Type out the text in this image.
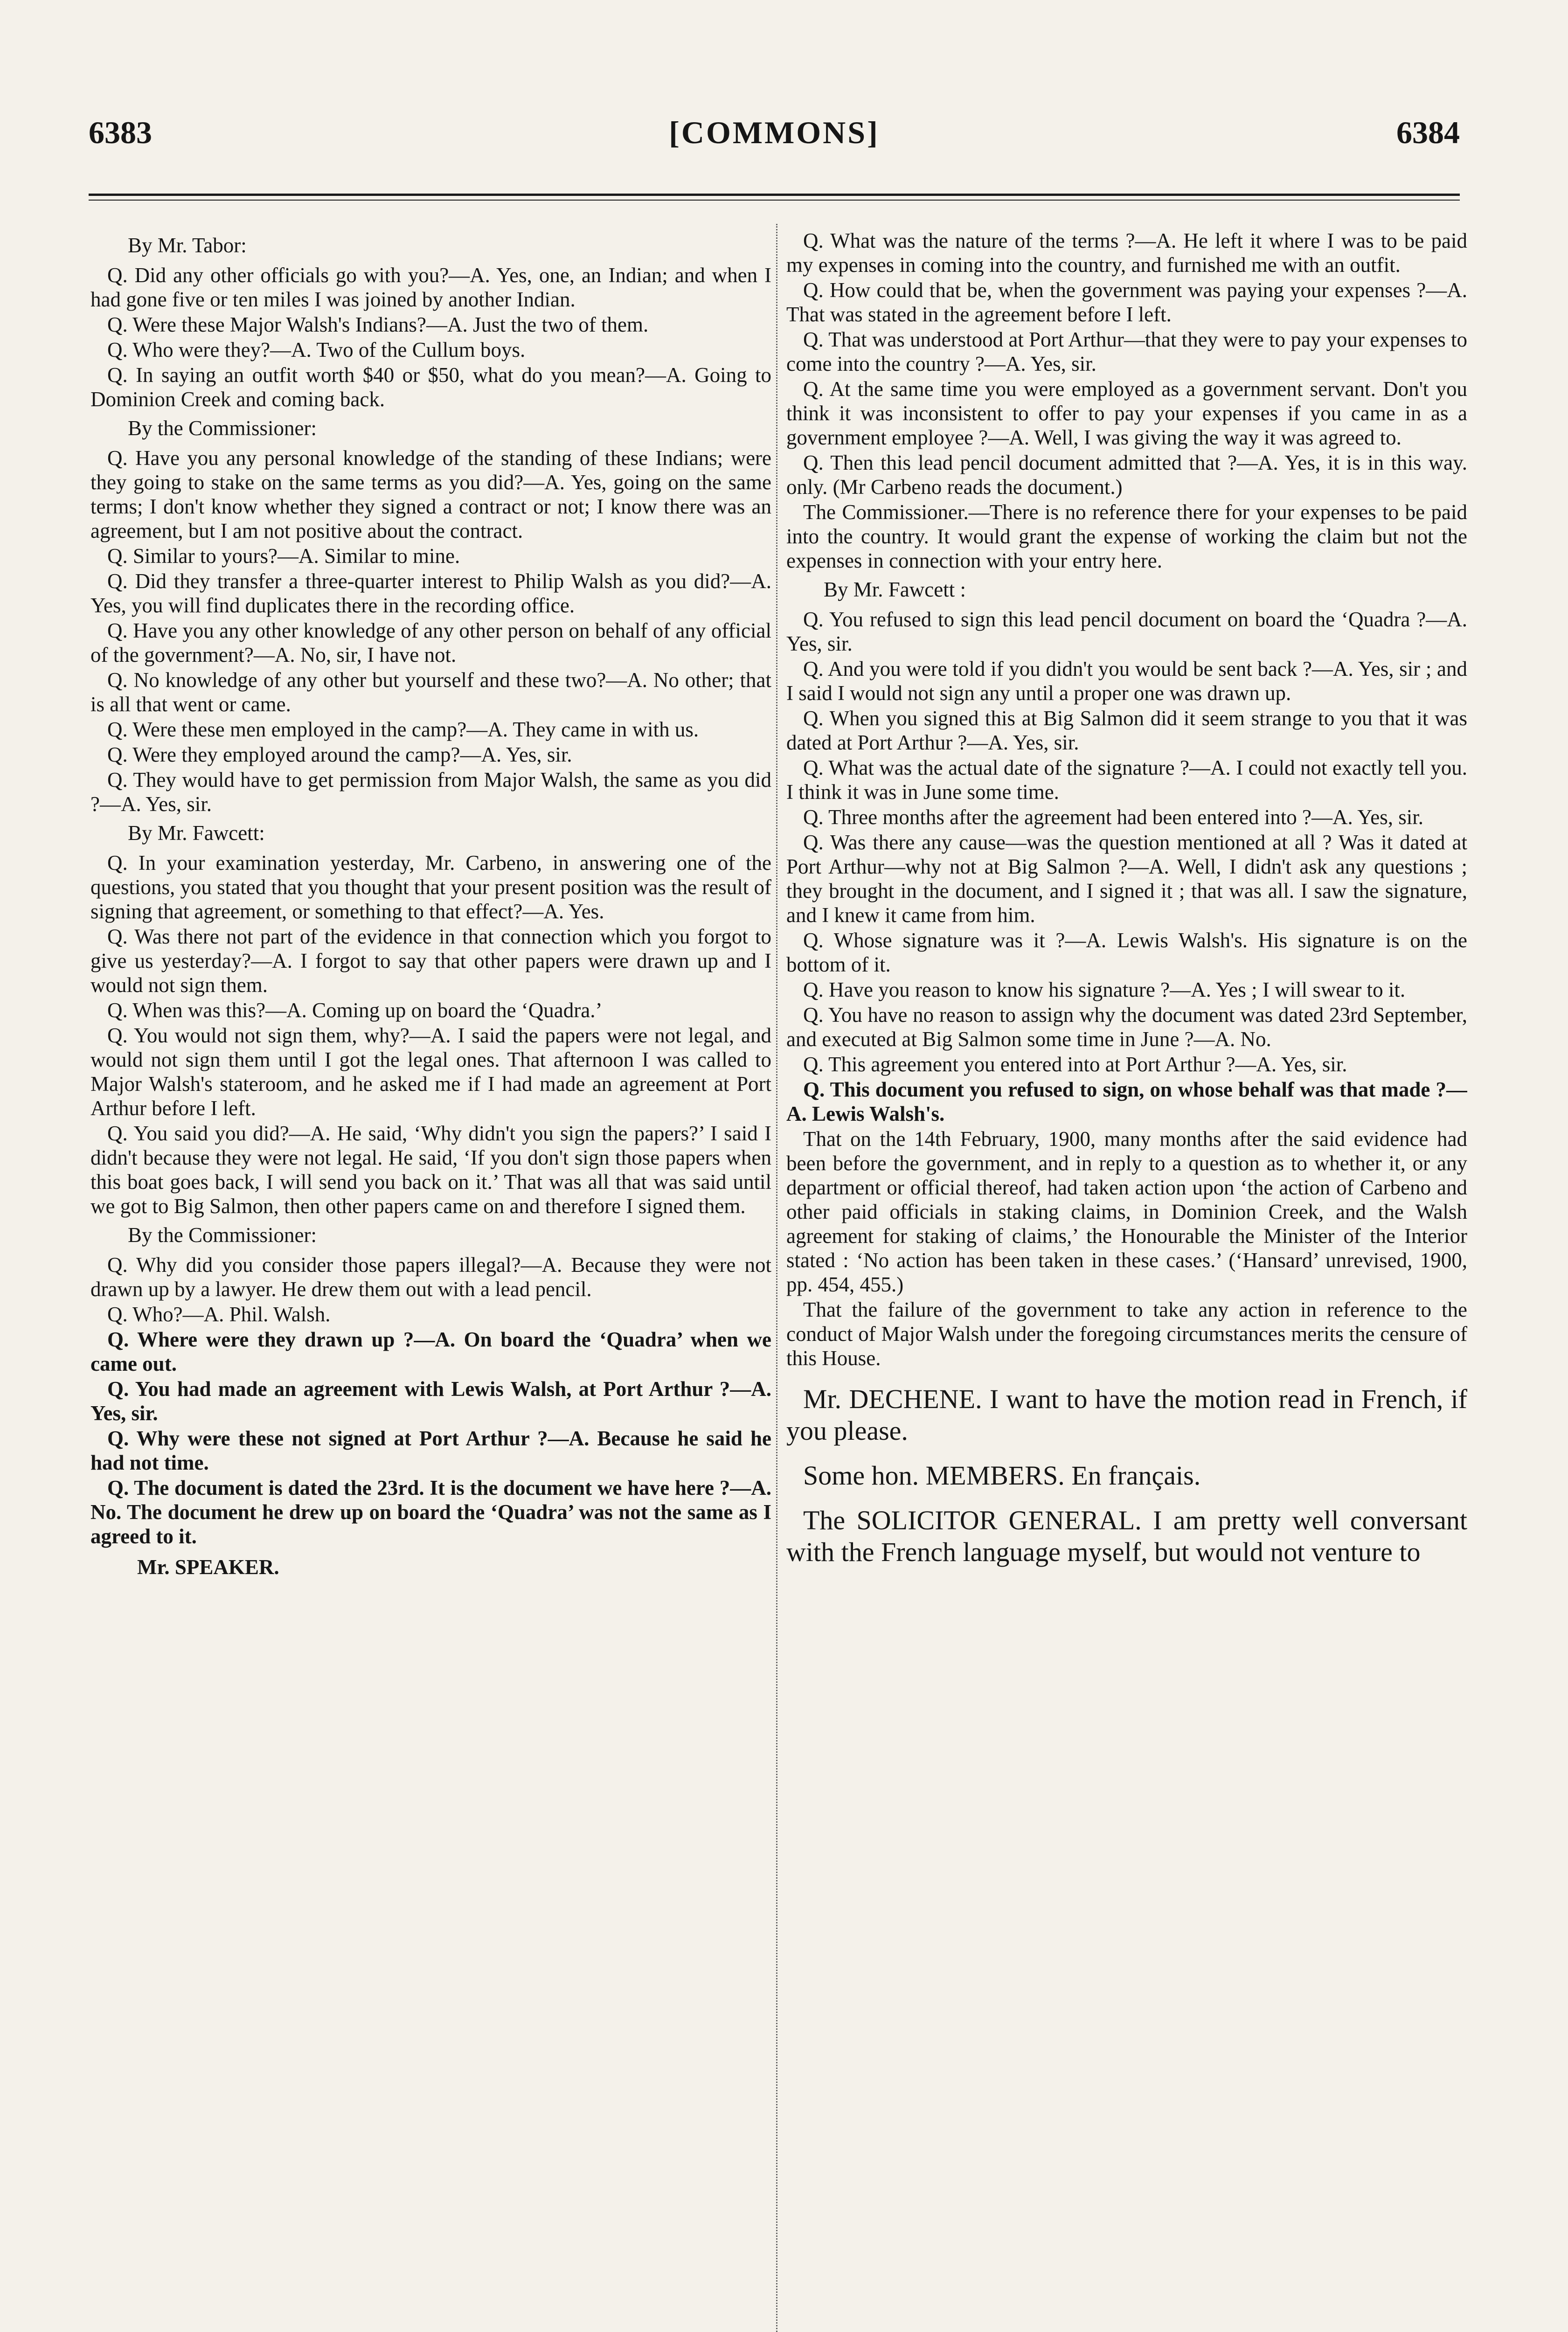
6383	[COMMONS]	6384

By Mr. Tabor:

Q. Did any other officials go with you?—A. Yes, one, an Indian; and when I had gone five or ten miles I was joined by another Indian.

Q. Were these Major Walsh's Indians?—A. Just the two of them.

Q. Who were they?—A. Two of the Cullum boys.

Q. In saying an outfit worth $40 or $50, what do you mean?—A. Going to Dominion Creek and coming back.

By the Commissioner:

Q. Have you any personal knowledge of the standing of these Indians; were they going to stake on the same terms as you did?—A. Yes, going on the same terms; I don't know whether they signed a contract or not; I know there was an agreement, but I am not positive about the contract.

Q. Similar to yours?—A. Similar to mine.

Q. Did they transfer a three-quarter interest to Philip Walsh as you did?—A. Yes, you will find duplicates there in the recording office.

Q. Have you any other knowledge of any other person on behalf of any official of the government?—A. No, sir, I have not.

Q. No knowledge of any other but yourself and these two?—A. No other; that is all that went or came.

Q. Were these men employed in the camp?—A. They came in with us.

Q. Were they employed around the camp?—A. Yes, sir.

Q. They would have to get permission from Major Walsh, the same as you did ?—A. Yes, sir.

By Mr. Fawcett:

Q. In your examination yesterday, Mr. Carbeno, in answering one of the questions, you stated that you thought that your present position was the result of signing that agreement, or something to that effect?—A. Yes.

Q. Was there not part of the evidence in that connection which you forgot to give us yesterday?—A. I forgot to say that other papers were drawn up and I would not sign them.

Q. When was this?—A. Coming up on board the ‘Quadra.’

Q. You would not sign them, why?—A. I said the papers were not legal, and would not sign them until I got the legal ones. That afternoon I was called to Major Walsh's stateroom, and he asked me if I had made an agreement at Port Arthur before I left.

Q. You said you did?—A. He said, ‘Why didn't you sign the papers?’ I said I didn't because they were not legal. He said, ‘If you don't sign those papers when this boat goes back, I will send you back on it.’ That was all that was said until we got to Big Salmon, then other papers came on and therefore I signed them.

By the Commissioner:

Q. Why did you consider those papers illegal?—A. Because they were not drawn up by a lawyer. He drew them out with a lead pencil.

Q. Who?—A. Phil. Walsh.

Q. Where were they drawn up ?—A. On board the ‘Quadra’ when we came out.

Q. You had made an agreement with Lewis Walsh, at Port Arthur ?—A. Yes, sir.

Q. Why were these not signed at Port Arthur ?—A. Because he said he had not time.

Q. The document is dated the 23rd. It is the document we have here ?—A. No. The document he drew up on board the ‘Quadra’ was not the same as I agreed to it.

Mr. SPEAKER.

Q. What was the nature of the terms ?—A. He left it where I was to be paid my expenses in coming into the country, and furnished me with an outfit.

Q. How could that be, when the government was paying your expenses ?—A. That was stated in the agreement before I left.

Q. That was understood at Port Arthur—that they were to pay your expenses to come into the country ?—A. Yes, sir.

Q. At the same time you were employed as a government servant. Don't you think it was inconsistent to offer to pay your expenses if you came in as a government employee ?—A. Well, I was giving the way it was agreed to.

Q. Then this lead pencil document admitted that ?—A. Yes, it is in this way. only. (Mr Carbeno reads the document.)

The Commissioner.—There is no reference there for your expenses to be paid into the country. It would grant the expense of working the claim but not the expenses in connection with your entry here.

By Mr. Fawcett :

Q. You refused to sign this lead pencil document on board the ‘Quadra ?—A. Yes, sir.

Q. And you were told if you didn't you would be sent back ?—A. Yes, sir ; and I said I would not sign any until a proper one was drawn up.

Q. When you signed this at Big Salmon did it seem strange to you that it was dated at Port Arthur ?—A. Yes, sir.

Q. What was the actual date of the signature ?—A. I could not exactly tell you. I think it was in June some time.

Q. Three months after the agreement had been entered into ?—A. Yes, sir.

Q. Was there any cause—was the question mentioned at all ? Was it dated at Port Arthur—why not at Big Salmon ?—A. Well, I didn't ask any questions ; they brought in the document, and I signed it ; that was all. I saw the signature, and I knew it came from him.

Q. Whose signature was it ?—A. Lewis Walsh's. His signature is on the bottom of it.

Q. Have you reason to know his signature ?—A. Yes ; I will swear to it.

Q. You have no reason to assign why the document was dated 23rd September, and executed at Big Salmon some time in June ?—A. No.

Q. This agreement you entered into at Port Arthur ?—A. Yes, sir.

Q. This document you refused to sign, on whose behalf was that made ?—A. Lewis Walsh's.

That on the 14th February, 1900, many months after the said evidence had been before the government, and in reply to a question as to whether it, or any department or official thereof, had taken action upon ‘the action of Carbeno and other paid officials in staking claims, in Dominion Creek, and the Walsh agreement for staking of claims,’ the Honourable the Minister of the Interior stated : ‘No action has been taken in these cases.’ (‘Hansard’ unrevised, 1900, pp. 454, 455.)

That the failure of the government to take any action in reference to the conduct of Major Walsh under the foregoing circumstances merits the censure of this House.

Mr. DECHENE. I want to have the motion read in French, if you please.

Some hon. MEMBERS. En français.

The SOLICITOR GENERAL. I am pretty well conversant with the French language myself, but would not venture to
